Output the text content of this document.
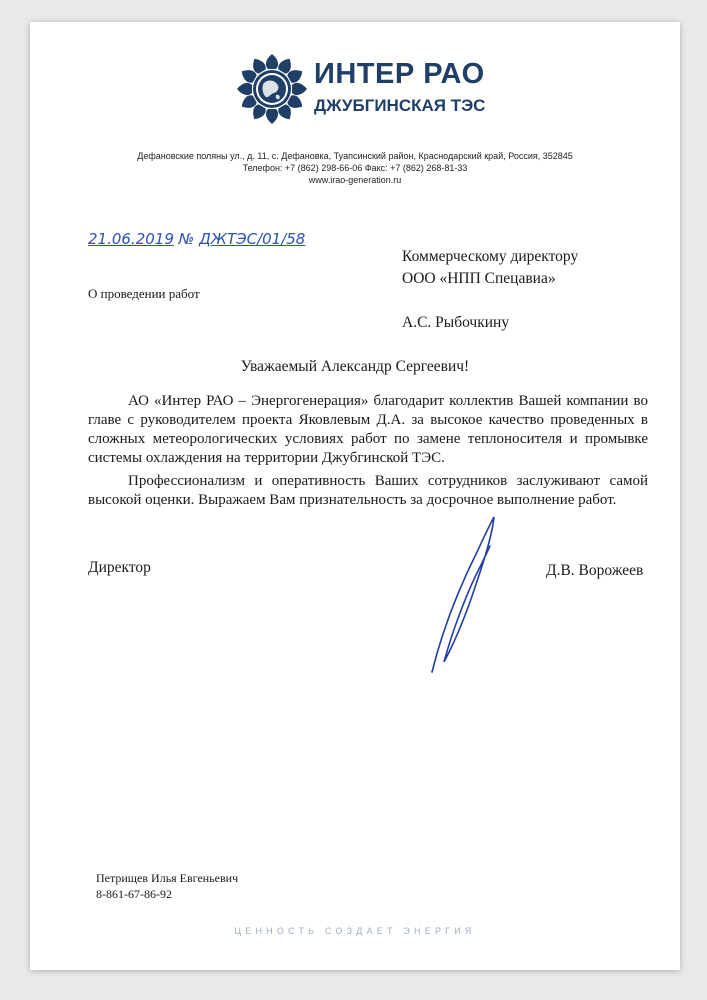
ИНТЕР РАО
ДЖУБГИНСКАЯ ТЭС
Дефановские поляны ул., д. 11, с. Дефановка, Туапсинский район, Краснодарский край, Россия, 352845
Телефон: +7 (862) 298-66-06 Факс: +7 (862) 268-81-33
www.irao-generation.ru
21.06.2019 № ДЖТЭС/01/58
Коммерческому директору
ООО «НПП Спецавиа»
А.С. Рыбочкину
О проведении работ
Уважаемый Александр Сергеевич!

АО «Интер РАО – Энергогенерация» благодарит коллектив Вашей компании во главе с руководителем проекта Яковлевым Д.А. за высокое качество проведенных в сложных метеорологических условиях работ по замене теплоносителя и промывке системы охлаждения на территории Джубгинской ТЭС.

Профессионализм и оперативность Ваших сотрудников заслуживают самой высокой оценки. Выражаем Вам признательность за досрочное выполнение работ.

Директор	Д.В. Ворожеев
Петрищев Илья Евгеньевич
8-861-67-86-92
ЦЕННОСТЬ СОЗДАЕТ ЭНЕРГИЯ
